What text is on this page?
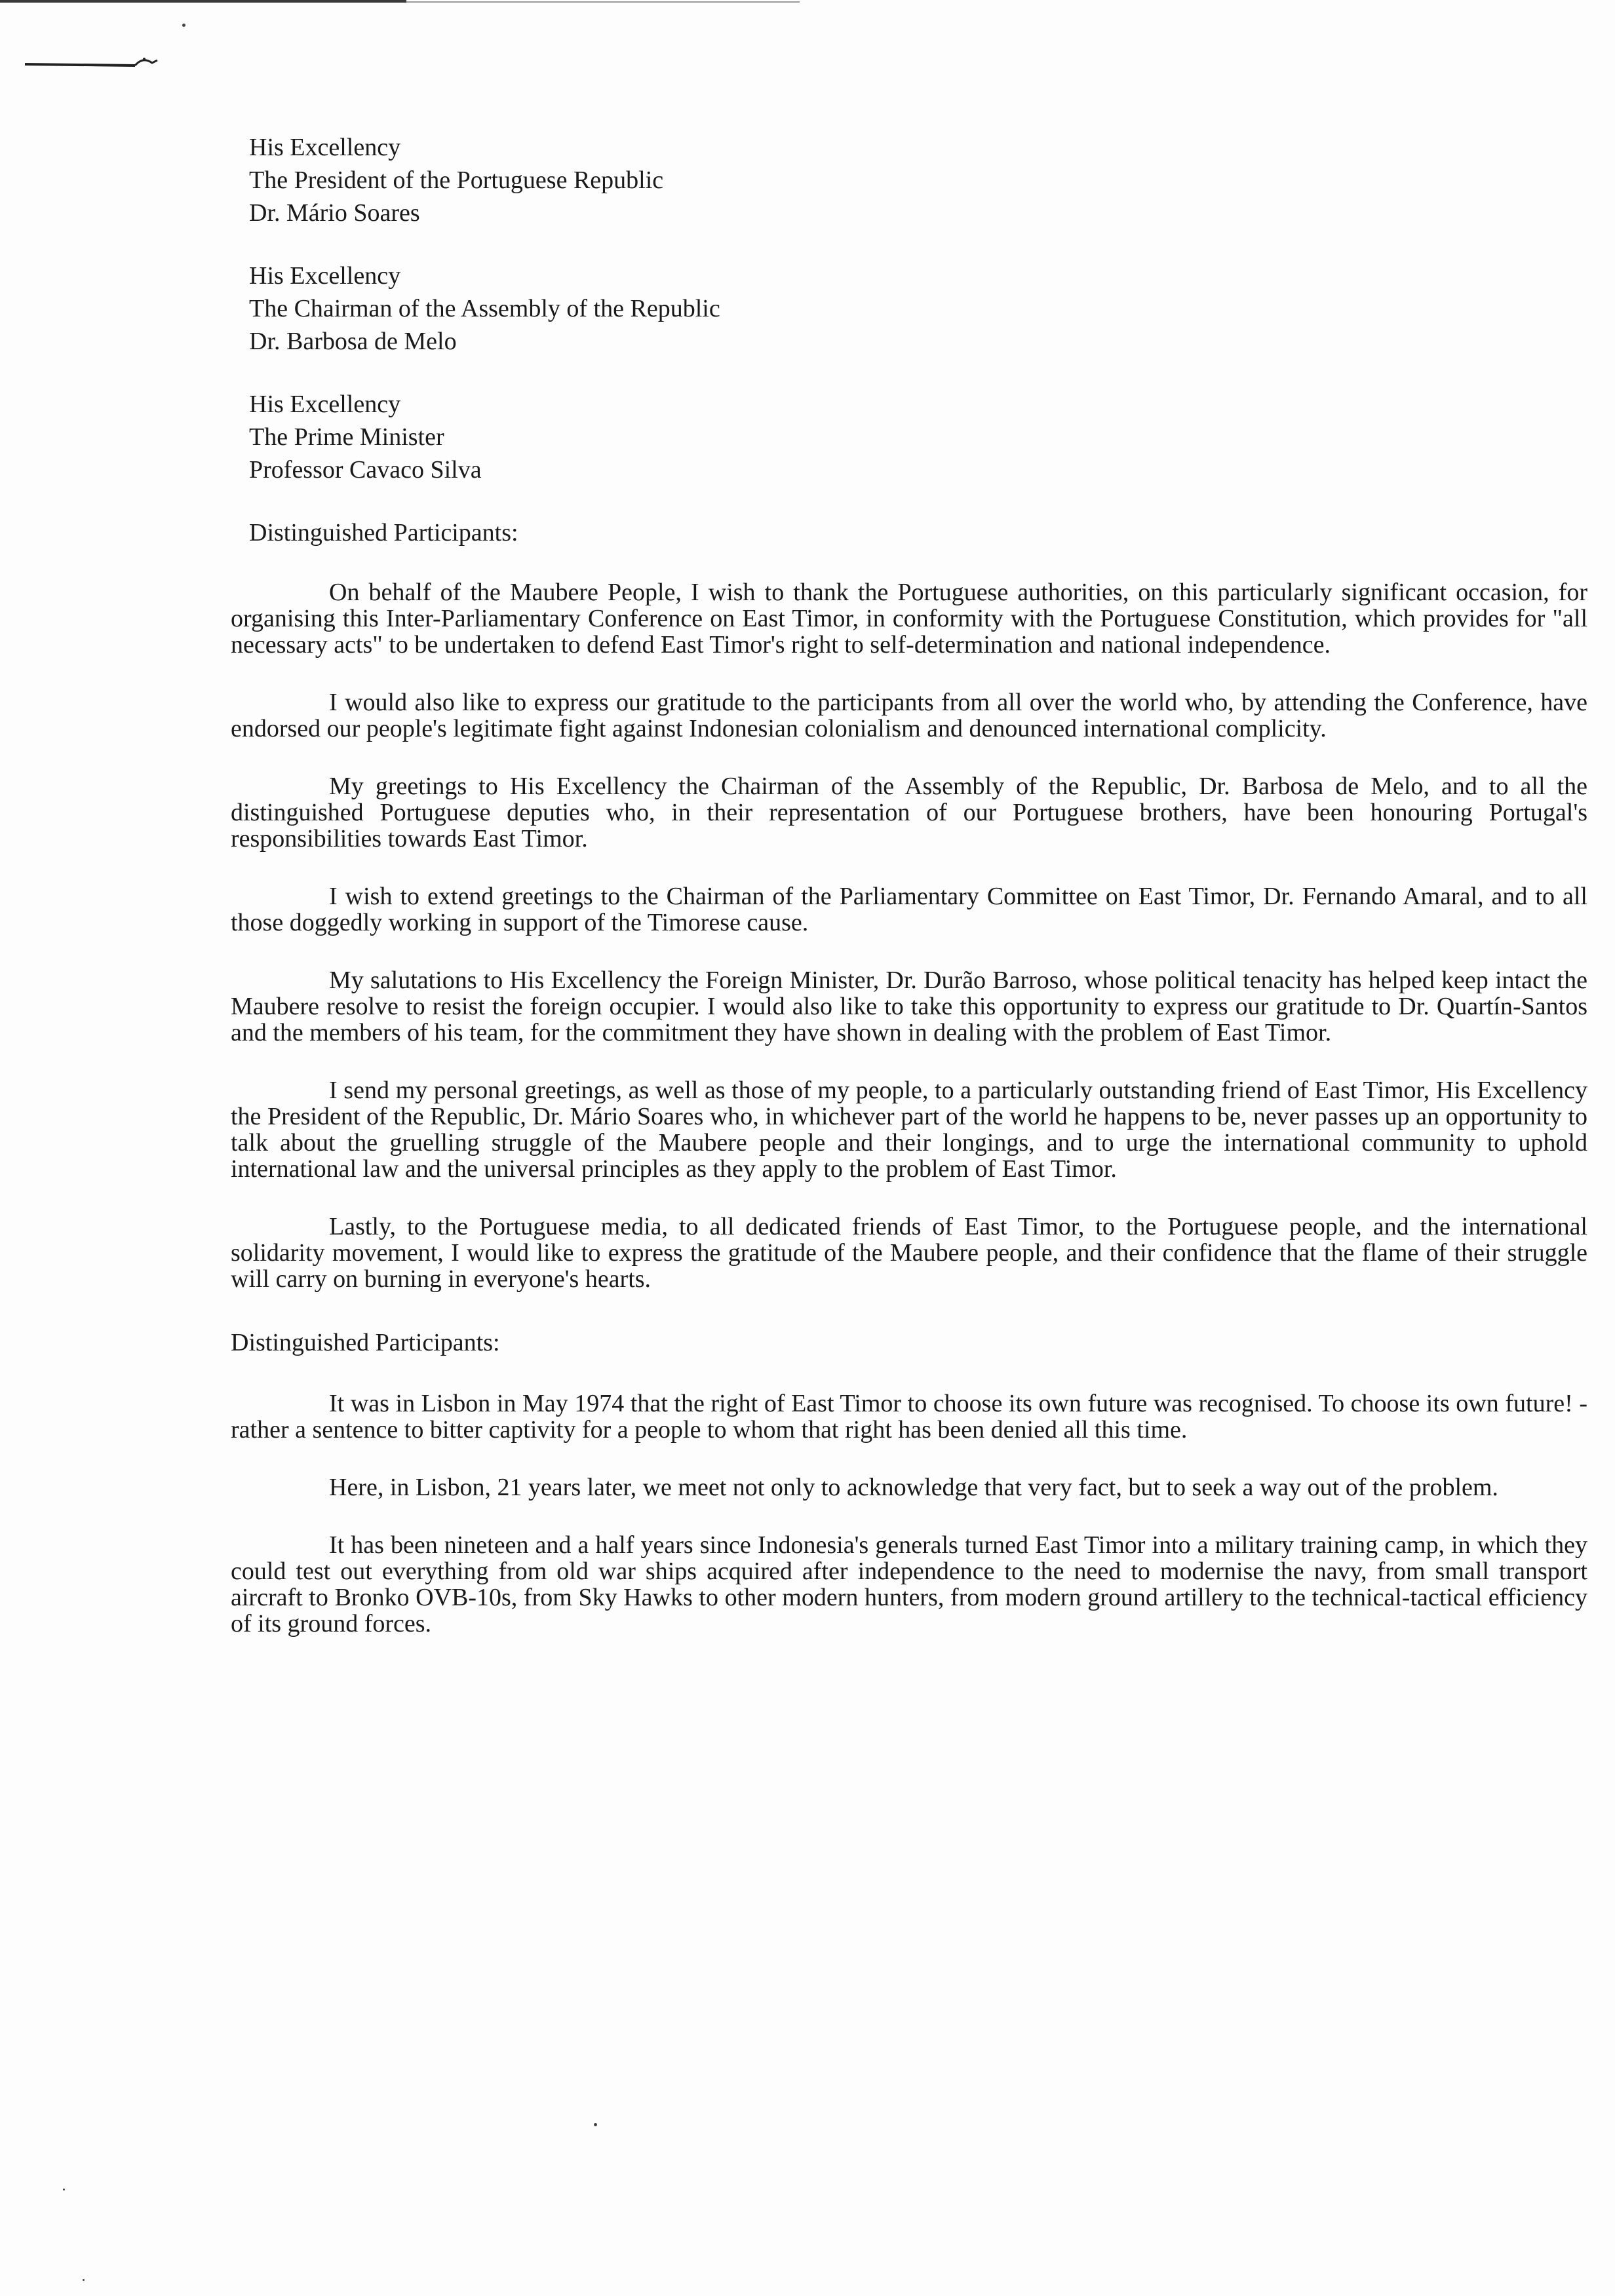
His Excellency
The President of the Portuguese Republic
Dr. Mário Soares
His Excellency
The Chairman of the Assembly of the Republic
Dr. Barbosa de Melo
His Excellency
The Prime Minister
Professor Cavaco Silva
Distinguished Participants:

On behalf of the Maubere People, I wish to thank the Portuguese authorities, on this particularly significant occasion, for organising this Inter-Parliamentary Conference on East Timor, in conformity with the Portuguese Constitution, which provides for "all necessary acts" to be undertaken to defend East Timor's right to self-determination and national independence.

I would also like to express our gratitude to the participants from all over the world who, by attending the Conference, have endorsed our people's legitimate fight against Indonesian colonialism and denounced international complicity.

My greetings to His Excellency the Chairman of the Assembly of the Republic, Dr. Barbosa de Melo, and to all the distinguished Portuguese deputies who, in their representation of our Portuguese brothers, have been honouring Portugal's responsibilities towards East Timor.

I wish to extend greetings to the Chairman of the Parliamentary Committee on East Timor, Dr. Fernando Amaral, and to all those doggedly working in support of the Timorese cause.

My salutations to His Excellency the Foreign Minister, Dr. Durão Barroso, whose political tenacity has helped keep intact the Maubere resolve to resist the foreign occupier. I would also like to take this opportunity to express our gratitude to Dr. Quartín-Santos and the members of his team, for the commitment they have shown in dealing with the problem of East Timor.

I send my personal greetings, as well as those of my people, to a particularly outstanding friend of East Timor, His Excellency the President of the Republic, Dr. Mário Soares who, in whichever part of the world he happens to be, never passes up an opportunity to talk about the gruelling struggle of the Maubere people and their longings, and to urge the international community to uphold international law and the universal principles as they apply to the problem of East Timor.

Lastly, to the Portuguese media, to all dedicated friends of East Timor, to the Portuguese people, and the international solidarity movement, I would like to express the gratitude of the Maubere people, and their confidence that the flame of their struggle will carry on burning in everyone's hearts.

Distinguished Participants:

It was in Lisbon in May 1974 that the right of East Timor to choose its own future was recognised. To choose its own future! - rather a sentence to bitter captivity for a people to whom that right has been denied all this time.

Here, in Lisbon, 21 years later, we meet not only to acknowledge that very fact, but to seek a way out of the problem.

It has been nineteen and a half years since Indonesia's generals turned East Timor into a military training camp, in which they could test out everything from old war ships acquired after independence to the need to modernise the navy, from small transport aircraft to Bronko OVB-10s, from Sky Hawks to other modern hunters, from modern ground artillery to the technical-tactical efficiency of its ground forces.
